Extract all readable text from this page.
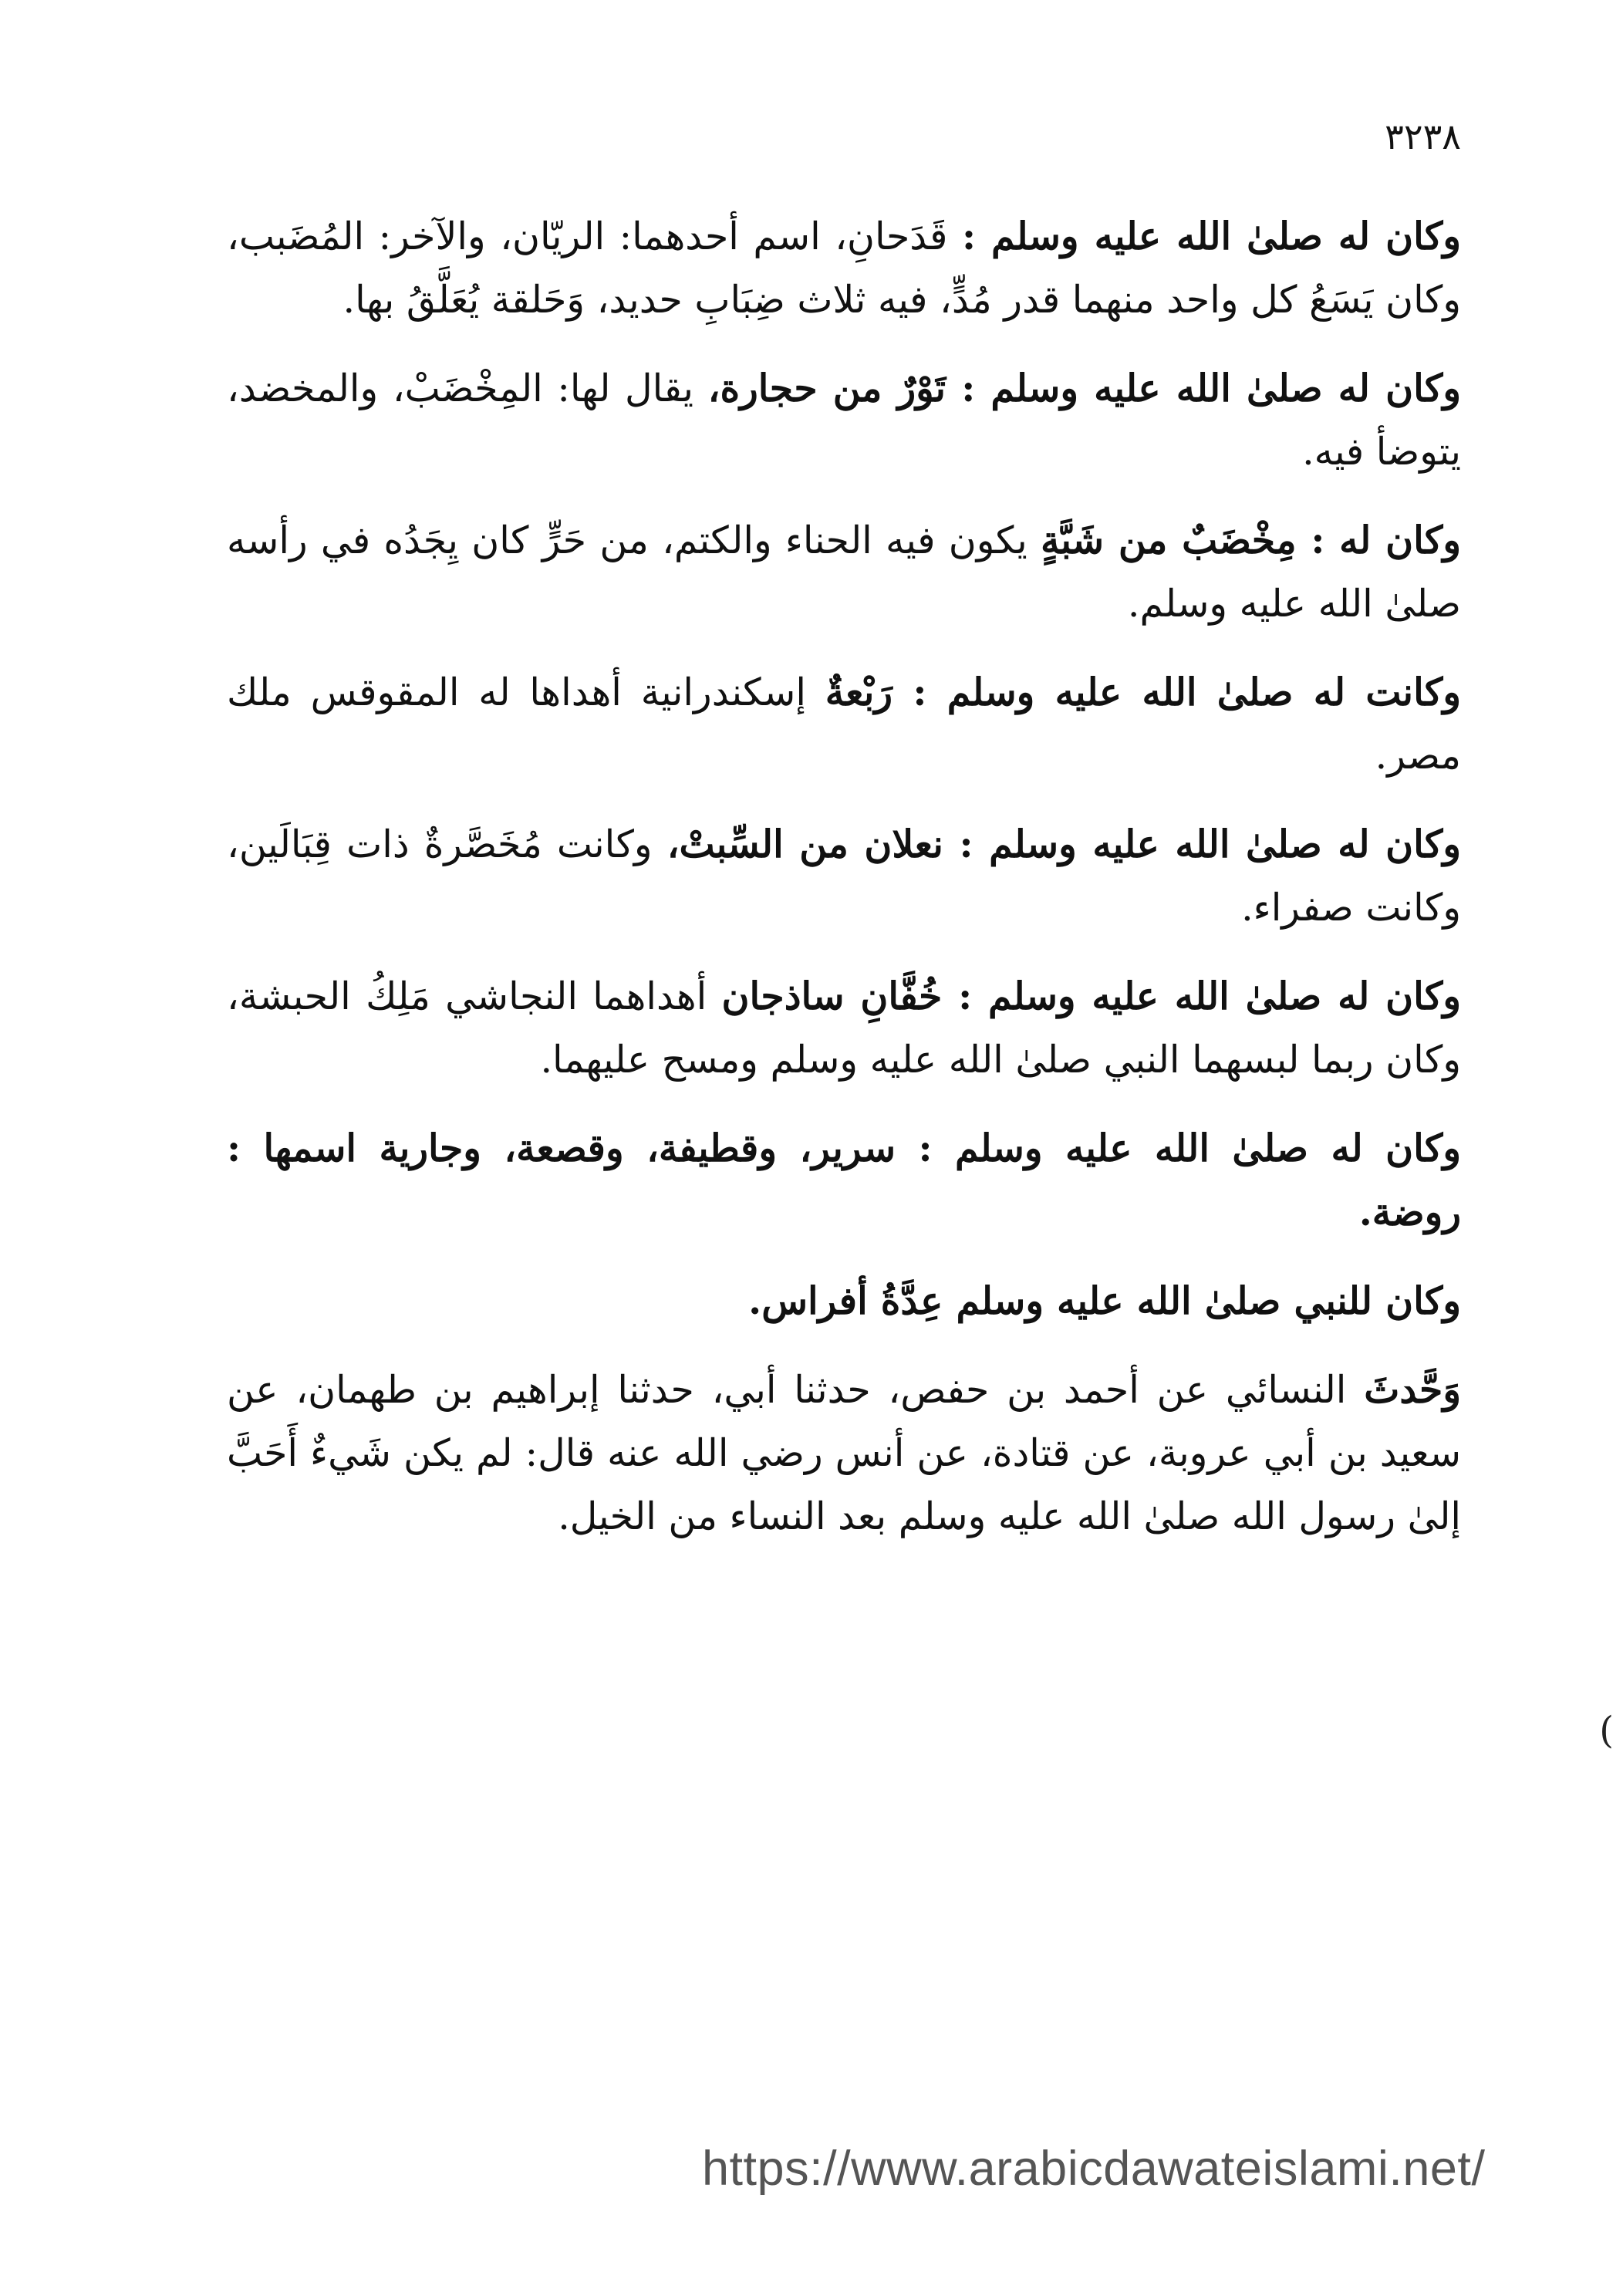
٣٢٣٨

وكان له صلىٰ الله عليه وسلم : قَدَحانِ، اسم أحدهما: الريّان، والآخر: المُضَبب، وكان يَسَعُ كل واحد منهما قدر مُدٍّ، فيه ثلاث ضِبَابِ حديد، وَحَلقة يُعَلَّقُ بها.

وكان له صلىٰ الله عليه وسلم : تَوْرٌ من حجارة، يقال لها: المِخْضَبْ، والمخضد، يتوضأ فيه.

وكان له : مِخْضَبٌ من شَبَّةٍ يكون فيه الحناء والكتم، من حَرٍّ كان يِجَدُه في رأسه صلىٰ الله عليه وسلم.

وكانت له صلىٰ الله عليه وسلم : رَبْعةٌ إسكندرانية أهداها له المقوقس ملك مصر.

وكان له صلىٰ الله عليه وسلم : نعلان من السِّبتْ، وكانت مُخَصَّرةٌ ذات قِبَالَين، وكانت صفراء.

وكان له صلىٰ الله عليه وسلم : خُفَّانِ ساذجان أهداهما النجاشي مَلِكُ الحبشة، وكان ربما لبسهما النبي صلىٰ الله عليه وسلم ومسح عليهما.

وكان له صلىٰ الله عليه وسلم : سرير، وقطيفة، وقصعة، وجارية اسمها : روضة.

وكان للنبي صلىٰ الله عليه وسلم عِدَّةُ أفراس.

وَحَّدثَ النسائي عن أحمد بن حفص، حدثنا أبي، حدثنا إبراهيم بن طهمان، عن سعيد بن أبي عروبة، عن قتادة، عن أنس رضي الله عنه قال: لم يكن شَيءٌ أَحَبَّ إلىٰ رسول الله صلىٰ الله عليه وسلم بعد النساء من الخيل.

(
https://www.arabicdawateislami.net/
